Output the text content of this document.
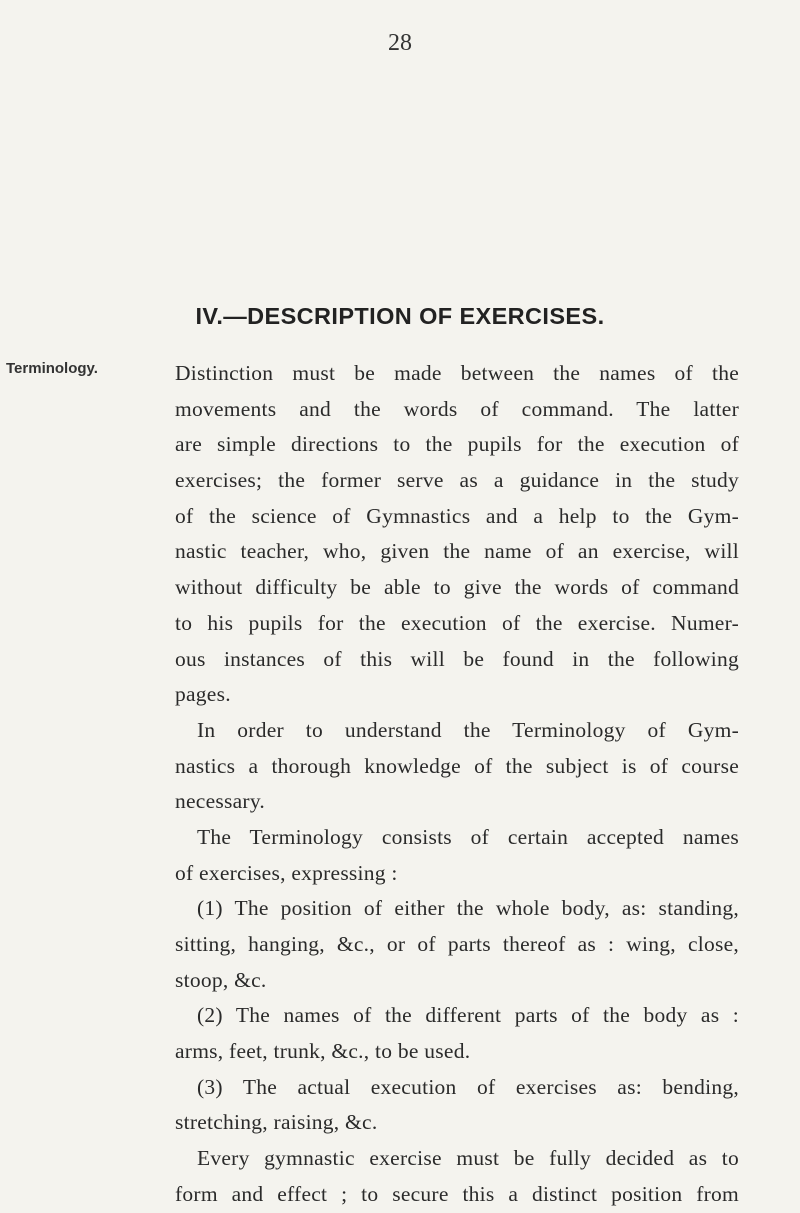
28
IV.—DESCRIPTION OF EXERCISES.
Terminology.	Distinction must be made between the names of the
movements and the words of command. The latter
are simple directions to the pupils for the execution of
exercises; the former serve as a guidance in the study
of the science of Gymnastics and a help to the Gym-
nastic teacher, who, given the name of an exercise, will
without difficulty be able to give the words of command
to his pupils for the execution of the exercise. Numer-
ous instances of this will be found in the following
pages.
In order to understand the Terminology of Gym-
nastics a thorough knowledge of the subject is of course
necessary.
The Terminology consists of certain accepted names
of exercises, expressing :
(1) The position of either the whole body, as: standing,
sitting, hanging, &c., or of parts thereof as : wing, close,
stoop, &c.
(2) The names of the different parts of the body as :
arms, feet, trunk, &c., to be used.
(3) The actual execution of exercises as: bending,
stretching, raising, &c.
Every gymnastic exercise must be fully decided as to
form and effect ; to secure this a distinct position from
